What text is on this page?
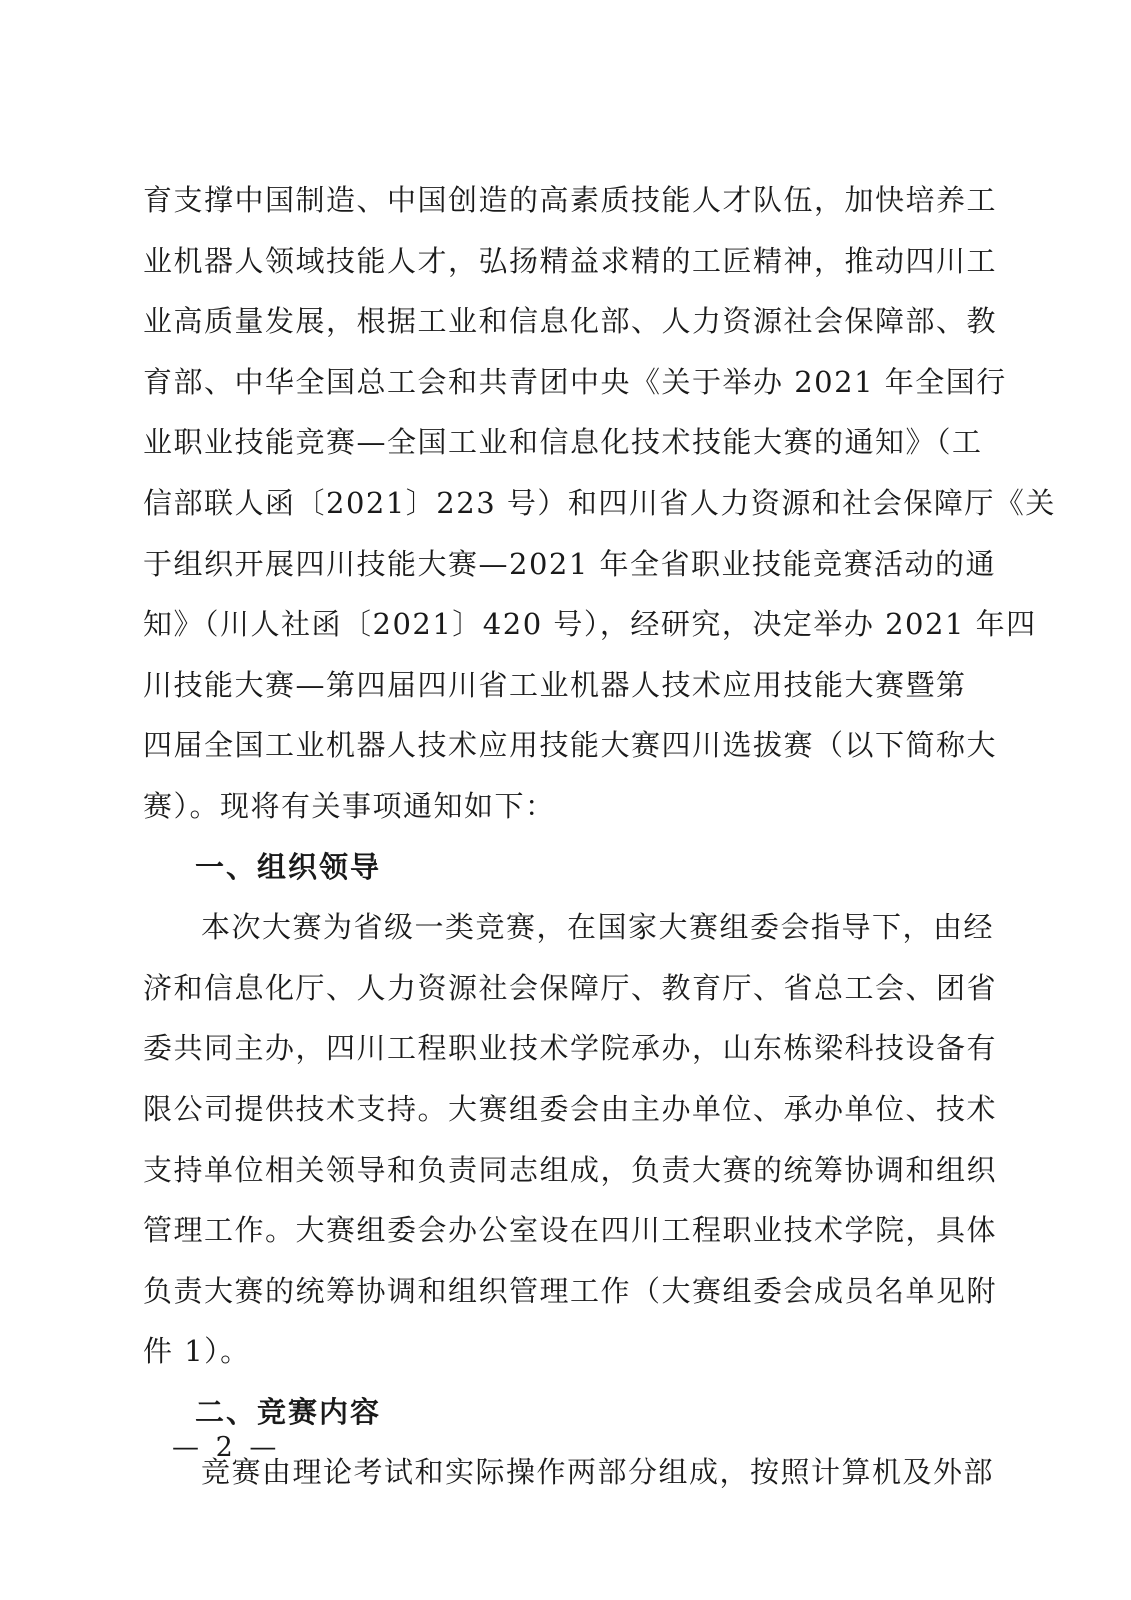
育支撑中国制造、中国创造的高素质技能人才队伍，加快培养工
业机器人领域技能人才，弘扬精益求精的工匠精神，推动四川工
业高质量发展，根据工业和信息化部、人力资源社会保障部、教
育部、中华全国总工会和共青团中央《关于举办 2021 年全国行
业职业技能竞赛—全国工业和信息化技术技能大赛的通知》（工
信部联人函〔2021〕223 号）和四川省人力资源和社会保障厅《关
于组织开展四川技能大赛—2021 年全省职业技能竞赛活动的通
知》（川人社函〔2021〕420 号），经研究，决定举办 2021 年四
川技能大赛—第四届四川省工业机器人技术应用技能大赛暨第
四届全国工业机器人技术应用技能大赛四川选拔赛（以下简称大
赛）。现将有关事项通知如下：
一、组织领导
本次大赛为省级一类竞赛，在国家大赛组委会指导下，由经
济和信息化厅、人力资源社会保障厅、教育厅、省总工会、团省
委共同主办，四川工程职业技术学院承办，山东栋梁科技设备有
限公司提供技术支持。大赛组委会由主办单位、承办单位、技术
支持单位相关领导和负责同志组成，负责大赛的统筹协调和组织
管理工作。大赛组委会办公室设在四川工程职业技术学院，具体
负责大赛的统筹协调和组织管理工作（大赛组委会成员名单见附
件 1）。
二、竞赛内容
竞赛由理论考试和实际操作两部分组成，按照计算机及外部
— 2 —
